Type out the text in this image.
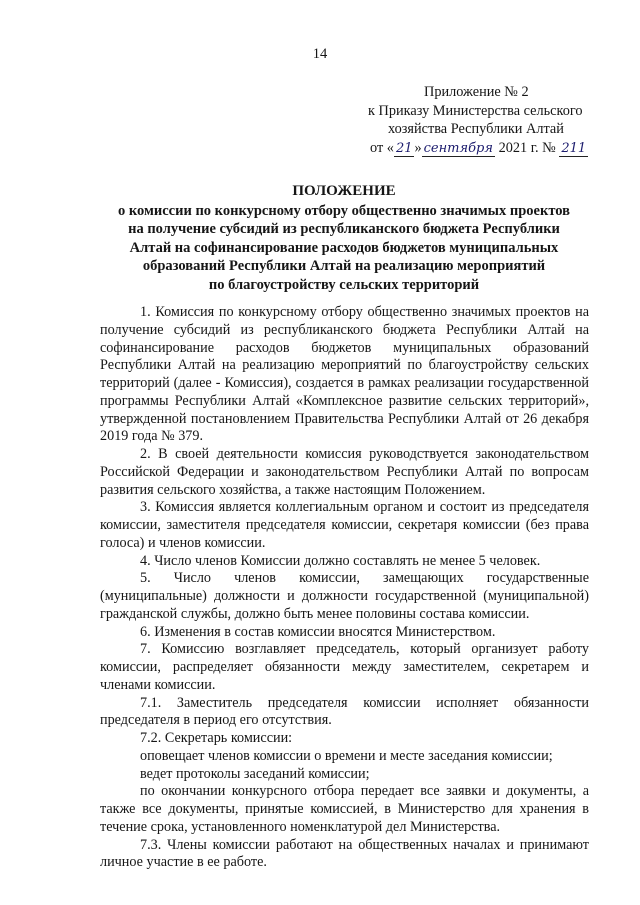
14
Приложение № 2
к Приказу Министерства сельского
хозяйства Республики Алтай
от « 21 » сентября 2021 г. № 211
ПОЛОЖЕНИЕ
о комиссии по конкурсному отбору общественно значимых проектов
на получение субсидий из республиканского бюджета Республики
Алтай на софинансирование расходов бюджетов муниципальных
образований Республики Алтай на реализацию мероприятий
по благоустройству сельских территорий

1. Комиссия по конкурсному отбору общественно значимых проектов на получение субсидий из республиканского бюджета Республики Алтай на софинансирование расходов бюджетов муниципальных образований Республики Алтай на реализацию мероприятий по благоустройству сельских территорий (далее - Комиссия), создается в рамках реализации государственной программы Республики Алтай «Комплексное развитие сельских территорий», утвержденной постановлением Правительства Республики Алтай от 26 декабря 2019 года № 379.

2. В своей деятельности комиссия руководствуется законодательством Российской Федерации и законодательством Республики Алтай по вопросам развития сельского хозяйства, а также настоящим Положением.

3. Комиссия является коллегиальным органом и состоит из председателя комиссии, заместителя председателя комиссии, секретаря комиссии (без права голоса) и членов комиссии.

4. Число членов Комиссии должно составлять не менее 5 человек.

5. Число членов комиссии, замещающих государственные (муниципальные) должности и должности государственной (муниципальной) гражданской службы, должно быть менее половины состава комиссии.

6. Изменения в состав комиссии вносятся Министерством.

7. Комиссию возглавляет председатель, который организует работу комиссии, распределяет обязанности между заместителем, секретарем и членами комиссии.

7.1. Заместитель председателя комиссии исполняет обязанности председателя в период его отсутствия.

7.2. Секретарь комиссии:

оповещает членов комиссии о времени и месте заседания комиссии;

ведет протоколы заседаний комиссии;

по окончании конкурсного отбора передает все заявки и документы, а также все документы, принятые комиссией, в Министерство для хранения в течение срока, установленного номенклатурой дел Министерства.

7.3. Члены комиссии работают на общественных началах и принимают личное участие в ее работе.
